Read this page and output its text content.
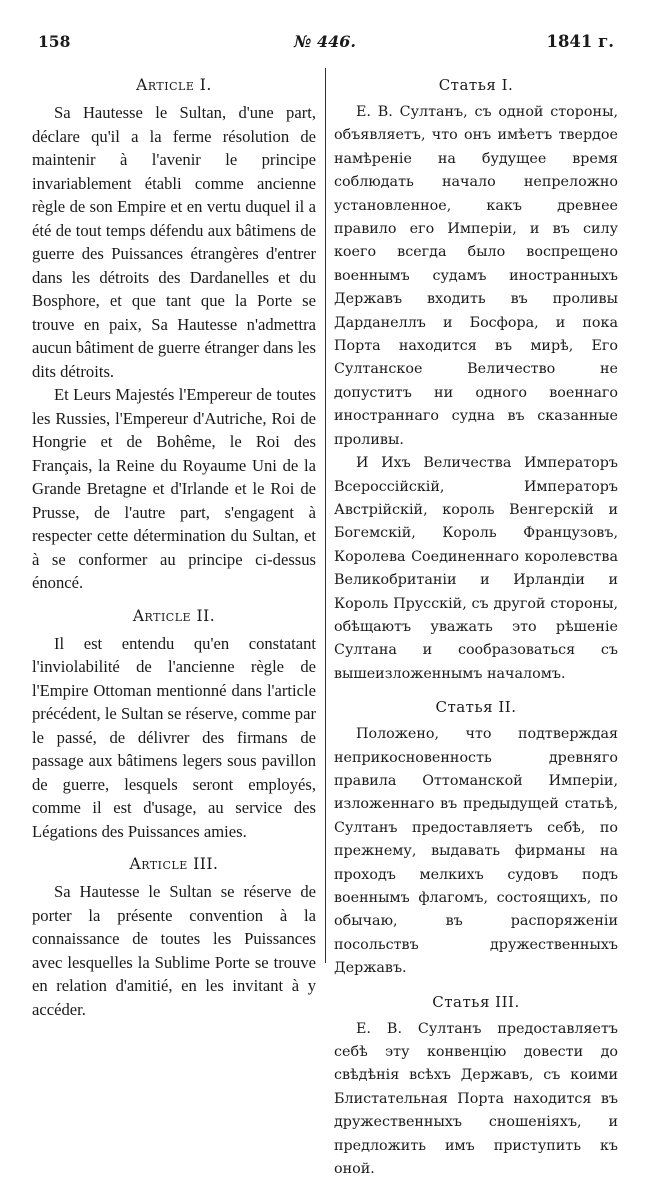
158	№ 446.	1841 г.
Article I.

Sa Hautesse le Sultan, d'une part, déclare qu'il a la ferme résolution de maintenir à l'avenir le principe invariablement établi comme ancienne règle de son Empire et en vertu duquel il a été de tout temps défendu aux bâtimens de guerre des Puissances étrangères d'entrer dans les détroits des Dardanelles et du Bosphore, et que tant que la Porte se trouve en paix, Sa Hautesse n'admettra aucun bâtiment de guerre étranger dans les dits détroits.

Et Leurs Majestés l'Empereur de toutes les Russies, l'Empereur d'Autriche, Roi de Hongrie et de Bohême, le Roi des Français, la Reine du Royaume Uni de la Grande Bretagne et d'Irlande et le Roi de Prusse, de l'autre part, s'engagent à respecter cette détermination du Sultan, et à se conformer au principe ci-dessus énoncé.

Article II.

Il est entendu qu'en constatant l'inviolabilité de l'ancienne règle de l'Empire Ottoman mentionné dans l'article précédent, le Sultan se réserve, comme par le passé, de délivrer des firmans de passage aux bâtimens legers sous pavillon de guerre, lesquels seront employés, comme il est d'usage, au service des Légations des Puissances amies.

Article III.

Sa Hautesse le Sultan se réserve de porter la présente convention à la connaissance de toutes les Puissances avec lesquelles la Sublime Porte se trouve en relation d'amitié, en les invitant à y accéder.

Статья I.

Е. В. Султанъ, съ одной стороны, объявляетъ, что онъ имѣетъ твердое намѣреніе на будущее время соблюдать начало непреложно установленное, какъ древнее правило его Имперіи, и въ силу коего всегда было воспрещено военнымъ судамъ иностранныхъ Державъ входить въ проливы Дарданеллъ и Босфора, и пока Порта находится въ мирѣ, Его Султанское Величество не допуститъ ни одного военнаго иностраннаго судна въ сказанные проливы.

И Ихъ Величества Императоръ Всероссійскій, Императоръ Австрійскій, король Венгерскій и Богемскій, Король Французовъ, Королева Соединеннаго королевства Великобританіи и Ирландіи и Король Прусскій, съ другой стороны, обѣщаютъ уважать это рѣшеніе Султана и сообразоваться съ вышеизложеннымъ началомъ.

Статья II.

Положено, что подтверждая неприкосновенность древняго правила Оттоманской Имперіи, изложеннаго въ предыдущей статьѣ, Султанъ предоставляетъ себѣ, по прежнему, выдавать фирманы на проходъ мелкихъ судовъ подъ военнымъ флагомъ, состоящихъ, по обычаю, въ распоряженіи посольствъ дружественныхъ Державъ.

Статья III.

Е. В. Султанъ предоставляетъ себѣ эту конвенцію довести до свѣдѣнія всѣхъ Державъ, съ коими Блистательная Порта находится въ дружественныхъ сношеніяхъ, и предложить имъ приступить къ оной.
